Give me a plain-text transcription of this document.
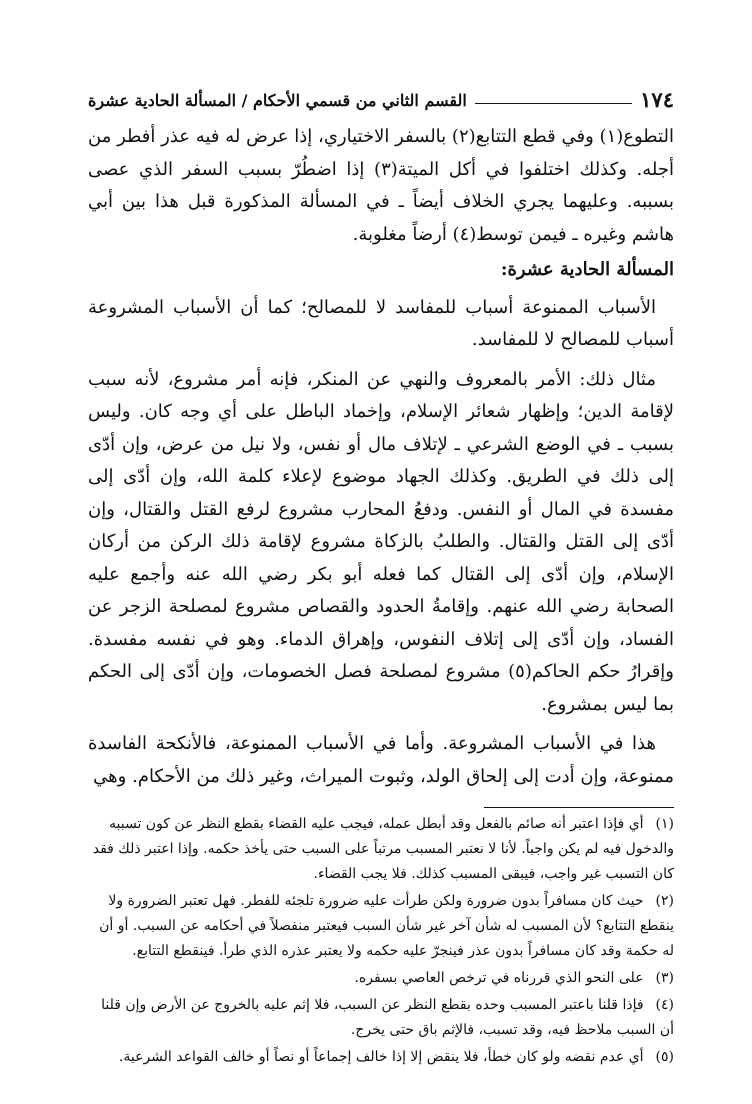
١٧٤
القسم الثاني من قسمي الأحكام / المسألة الحادية عشرة

التطوع(١) وفي قطع التتابع(٢) بالسفر الاختياري، إذا عرض له فيه عذر أفطر من أجله. وكذلك اختلفوا في أكل الميتة(٣) إذا اضطُرّ بسبب السفر الذي عصى بسببه. وعليهما يجري الخلاف أيضاً ـ في المسألة المذكورة قبل هذا بين أبي هاشم وغيره ـ فيمن توسط(٤) أرضاً مغلوبة.

المسألة الحادية عشرة:

الأسباب الممنوعة أسباب للمفاسد لا للمصالح؛ كما أن الأسباب المشروعة أسباب للمصالح لا للمفاسد.

مثال ذلك: الأمر بالمعروف والنهي عن المنكر، فإنه أمر مشروع، لأنه سبب لإقامة الدين؛ وإظهار شعائر الإسلام، وإخماد الباطل على أي وجه كان. وليس بسبب ـ في الوضع الشرعي ـ لإتلاف مال أو نفس، ولا نيل من عرض، وإن أدّى إلى ذلك في الطريق. وكذلك الجهاد موضوع لإعلاء كلمة الله، وإن أدّى إلى مفسدة في المال أو النفس. ودفعُ المحارب مشروع لرفع القتل والقتال، وإن أدّى إلى القتل والقتال. والطلبُ بالزكاة مشروع لإقامة ذلك الركن من أركان الإسلام، وإن أدّى إلى القتال كما فعله أبو بكر رضي الله عنه وأجمع عليه الصحابة رضي الله عنهم. وإقامةُ الحدود والقصاص مشروع لمصلحة الزجر عن الفساد، وإن أدّى إلى إتلاف النفوس، وإهراق الدماء. وهو في نفسه مفسدة. وإقرارُ حكم الحاكم(٥) مشروع لمصلحة فصل الخصومات، وإن أدّى إلى الحكم بما ليس بمشروع.

هذا في الأسباب المشروعة. وأما في الأسباب الممنوعة، فالأنكحة الفاسدة ممنوعة، وإن أدت إلى إلحاق الولد، وثبوت الميراث، وغير ذلك من الأحكام. وهي

(١) أي فإذا اعتبر أنه صائم بالفعل وقد أبطل عمله، فيجب عليه القضاء بقطع النظر عن كون تسببه والدخول فيه لم يكن واجباً. لأنا لا نعتبر المسبب مرتباً على السبب حتى يأخذ حكمه. وإذا اعتبر ذلك فقد كان التسبب غير واجب، فيبقى المسبب كذلك. فلا يجب القضاء.

(٢) حيث كان مسافراً بدون ضرورة ولكن طرأت عليه ضرورة تلجئه للفطر. فهل تعتبر الضرورة ولا ينقطع التتابع؟ لأن المسبب له شأن آخر غير شأن السبب فيعتبر منفصلاً في أحكامه عن السبب. أو أن له حكمة وقد كان مسافراً بدون عذر فينجرّ عليه حكمه ولا يعتبر عذره الذي طرأ. فينقطع التتابع.

(٣) على النحو الذي قررناه في ترخص العاصي بسفره.

(٤) فإذا قلنا باعتبر المسبب وحده بقطع النظر عن السبب، فلا إثم عليه بالخروج عن الأرض وإن قلنا أن السبب ملاحظ فيه، وقد تسبب، فالإثم باق حتى يخرج.

(٥) أي عدم نقضه ولو كان خطأ، فلا ينقض إلا إذا خالف إجماعاً أو نصاً أو خالف القواعد الشرعية.
